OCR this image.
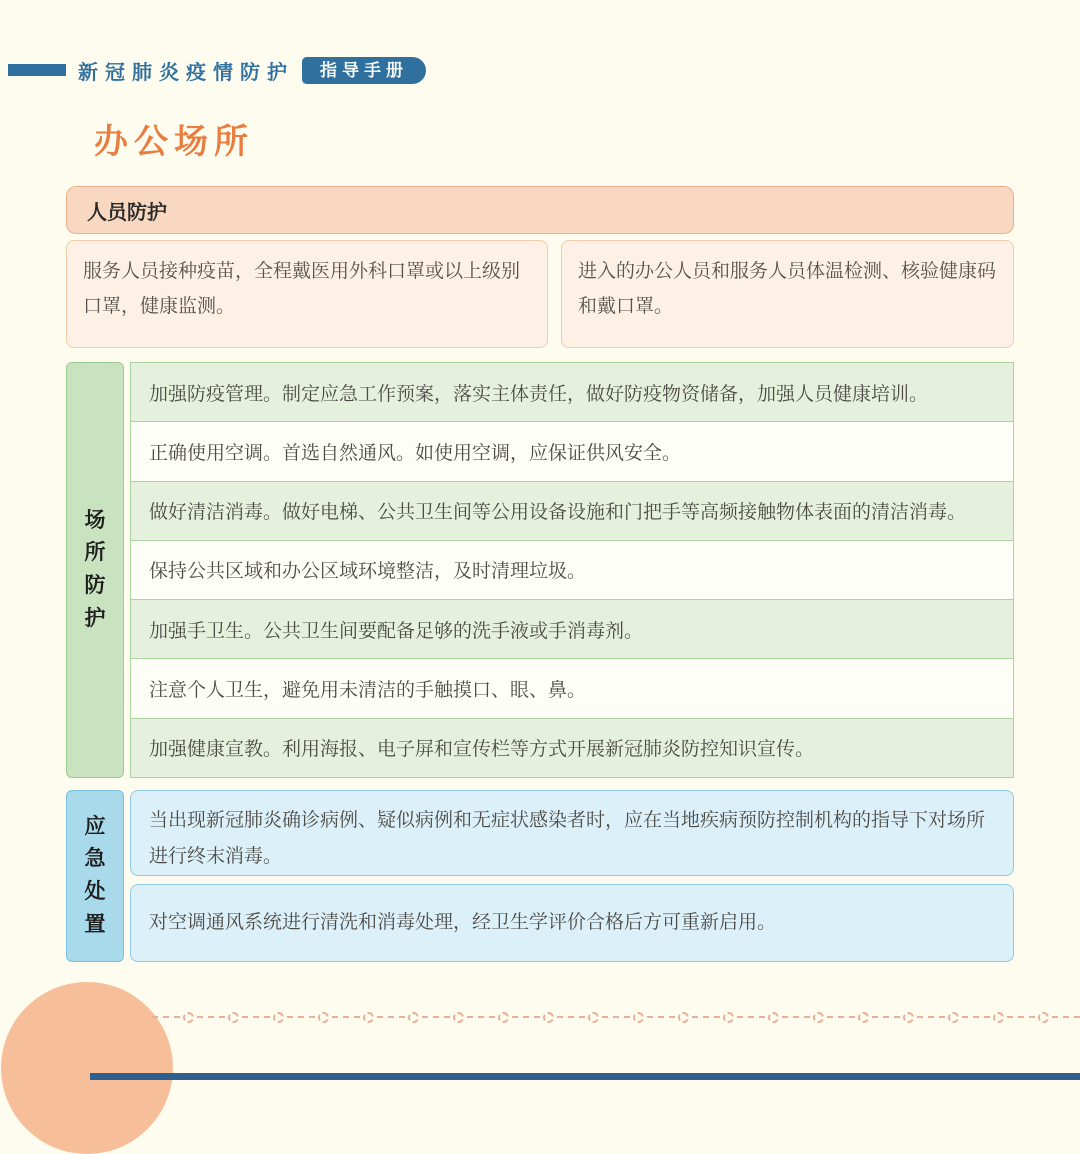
新冠肺炎疫情防护	指导手册
办公场所
人员防护
服务人员接种疫苗，全程戴医用外科口罩或以上级别口罩，健康监测。
进入的办公人员和服务人员体温检测、核验健康码和戴口罩。
场所防护
加强防疫管理。制定应急工作预案，落实主体责任，做好防疫物资储备，加强人员健康培训。
正确使用空调。首选自然通风。如使用空调，应保证供风安全。
做好清洁消毒。做好电梯、公共卫生间等公用设备设施和门把手等高频接触物体表面的清洁消毒。
保持公共区域和办公区域环境整洁，及时清理垃圾。
加强手卫生。公共卫生间要配备足够的洗手液或手消毒剂。
注意个人卫生，避免用未清洁的手触摸口、眼、鼻。
加强健康宣教。利用海报、电子屏和宣传栏等方式开展新冠肺炎防控知识宣传。
应急处置
当出现新冠肺炎确诊病例、疑似病例和无症状感染者时，应在当地疾病预防控制机构的指导下对场所进行终末消毒。
对空调通风系统进行清洗和消毒处理，经卫生学评价合格后方可重新启用。
